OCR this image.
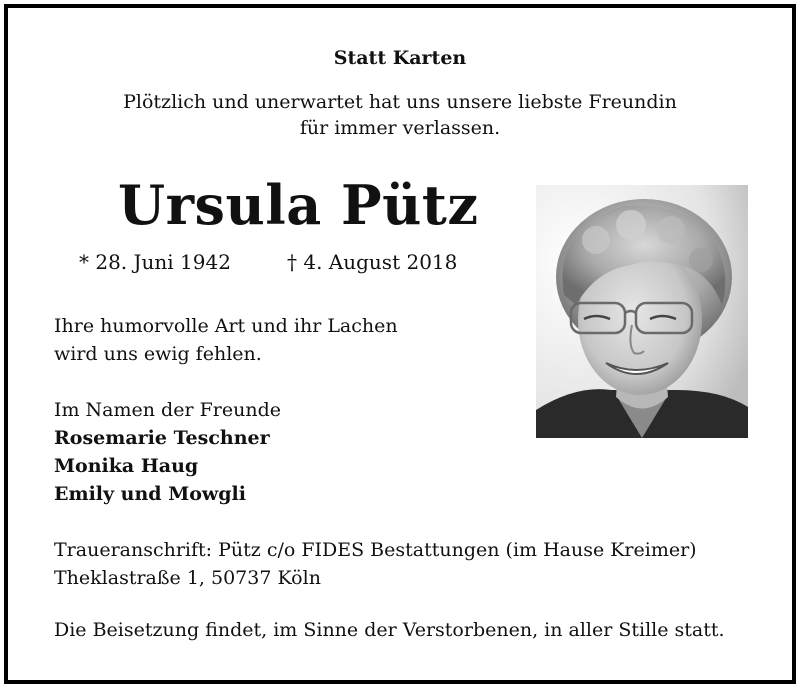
Statt Karten
Plötzlich und unerwartet hat uns unsere liebste Freundin
für immer verlassen.
Ursula Pütz
* 28. Juni 1942	† 4. August 2018
Ihre humorvolle Art und ihr Lachen
wird uns ewig fehlen.
Im Namen der Freunde
Rosemarie Teschner
Monika Haug
Emily und Mowgli
Traueranschrift: Pütz c/o FIDES Bestattungen (im Hause Kreimer)
Theklastraße 1, 50737 Köln
Die Beisetzung findet, im Sinne der Verstorbenen, in aller Stille statt.
